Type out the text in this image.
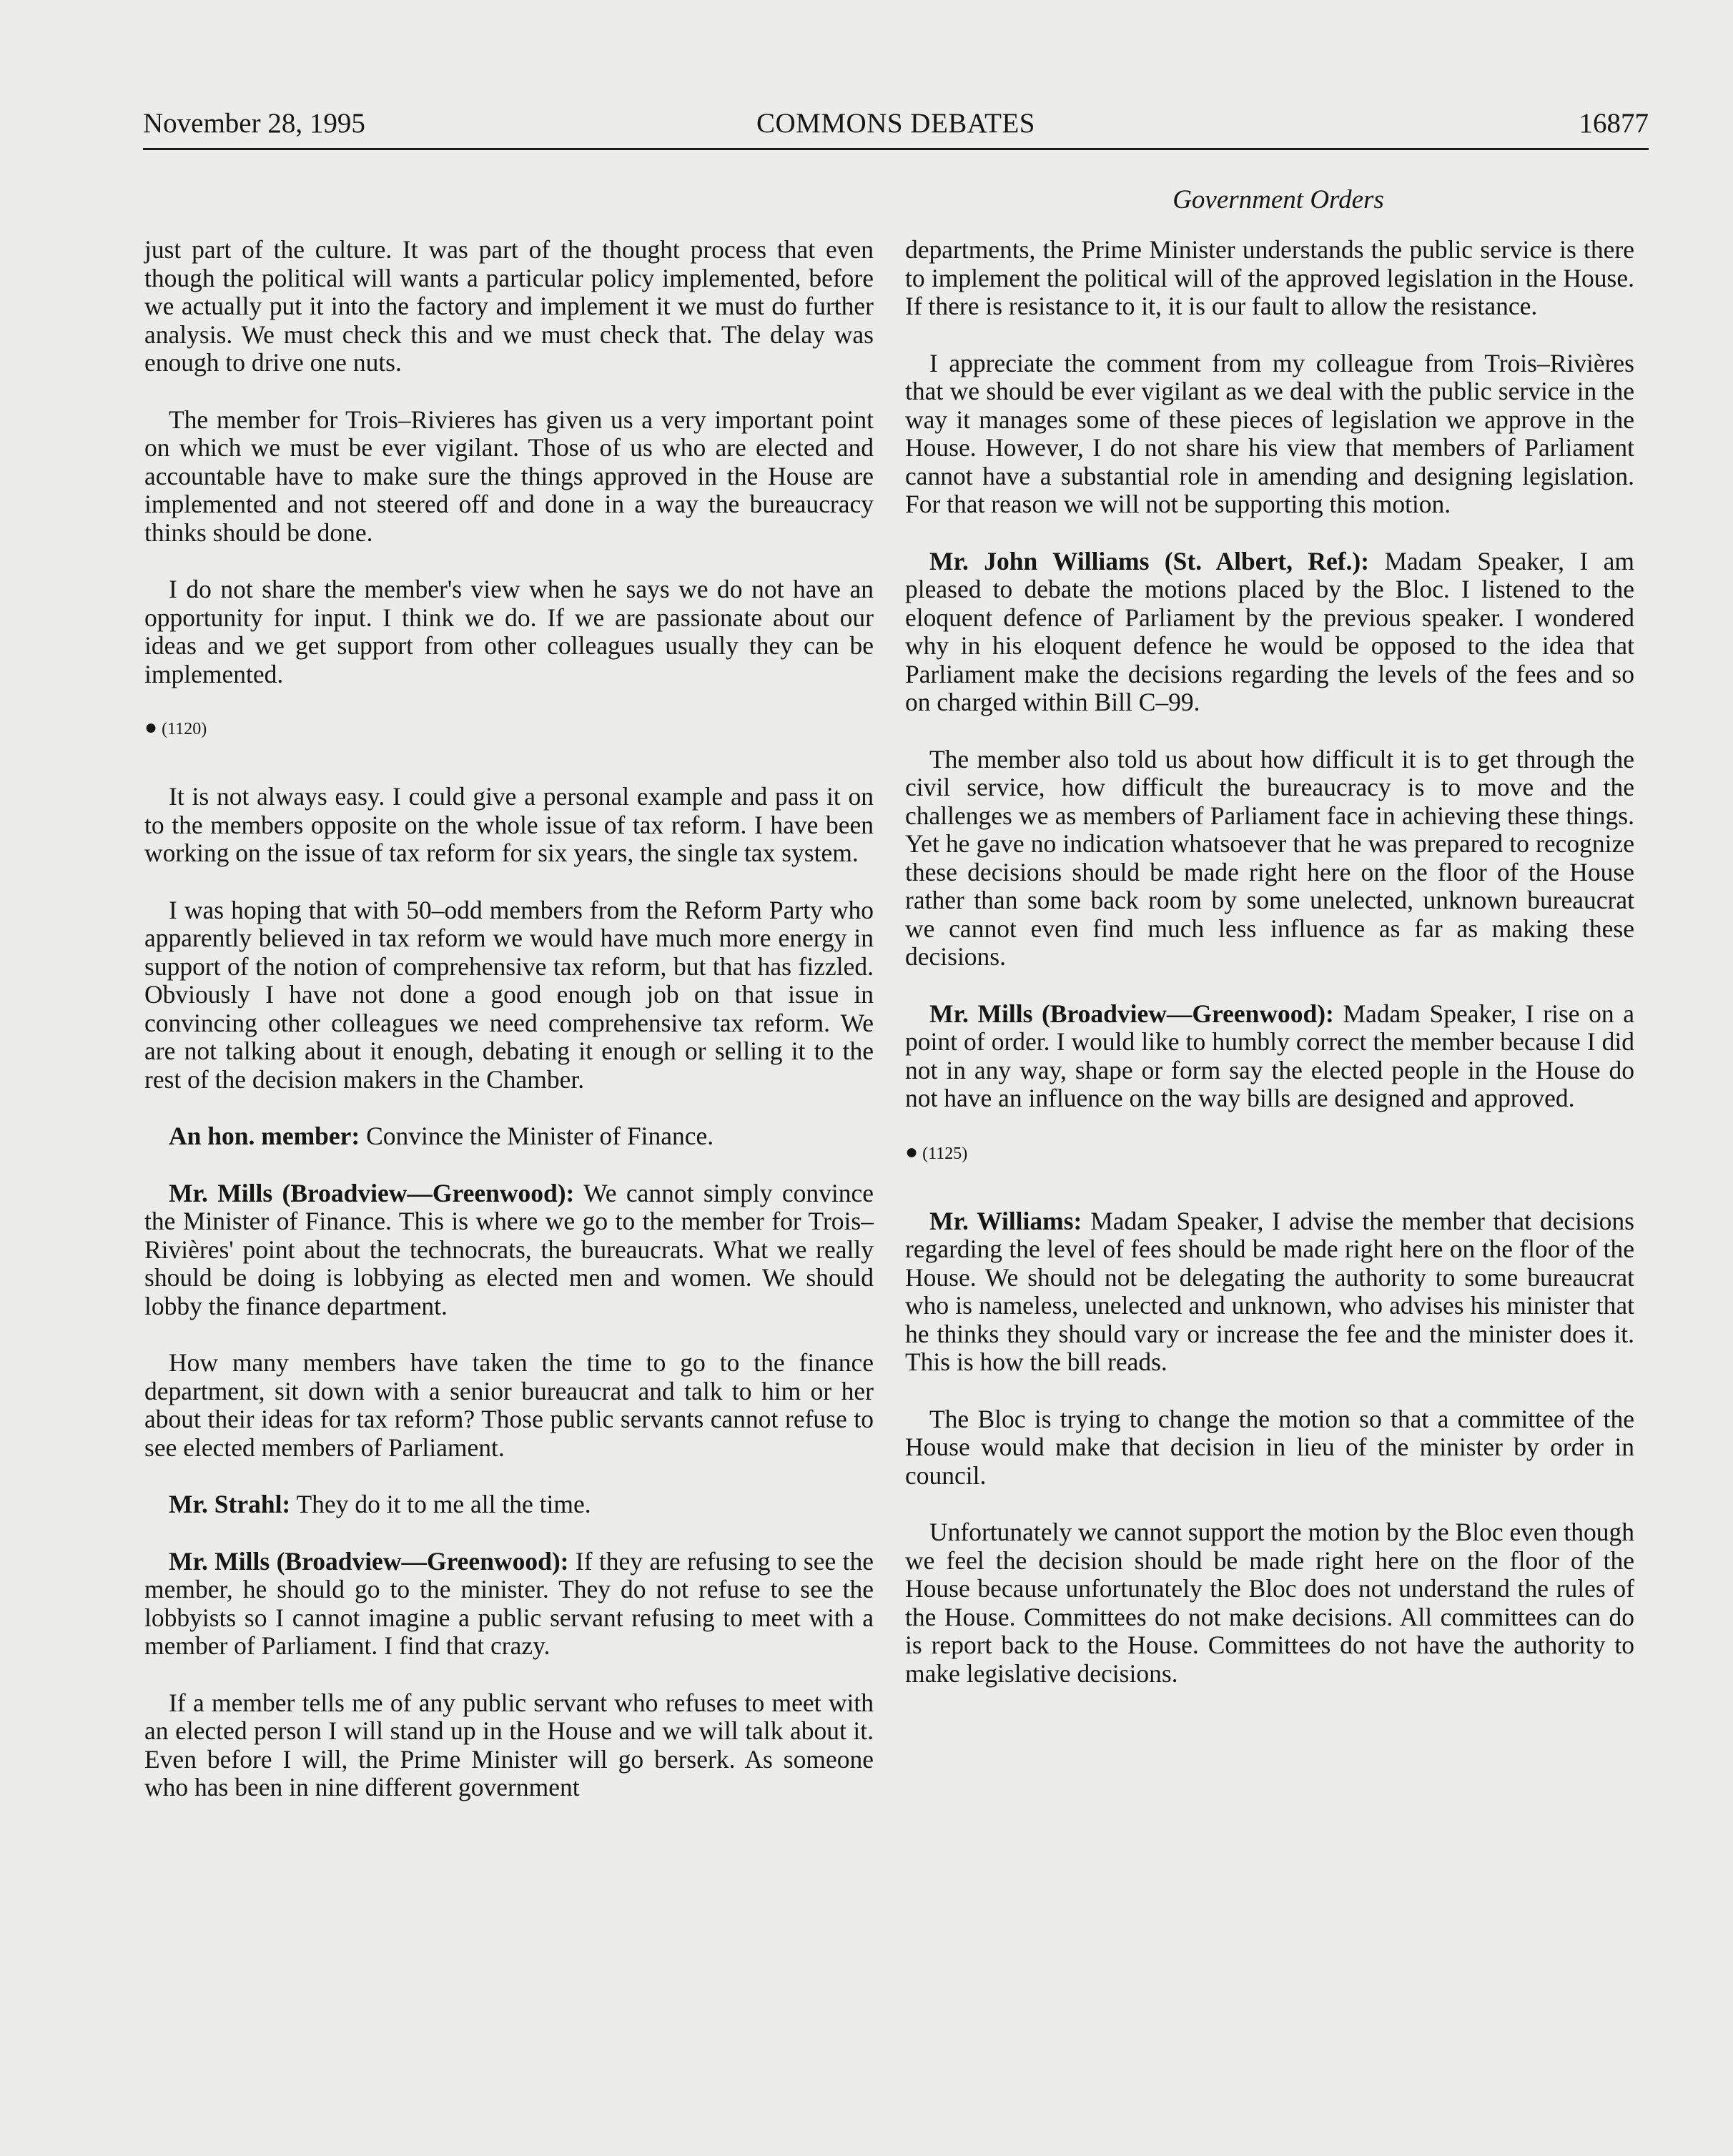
November 28, 1995	COMMONS DEBATES	16877
Government Orders

just part of the culture. It was part of the thought process that even though the political will wants a particular policy implemented, before we actually put it into the factory and implement it we must do further analysis. We must check this and we must check that. The delay was enough to drive one nuts.

The member for Trois–Rivieres has given us a very important point on which we must be ever vigilant. Those of us who are elected and accountable have to make sure the things approved in the House are implemented and not steered off and done in a way the bureaucracy thinks should be done.

I do not share the member's view when he says we do not have an opportunity for input. I think we do. If we are passionate about our ideas and we get support from other colleagues usually they can be implemented.

● (1120)

It is not always easy. I could give a personal example and pass it on to the members opposite on the whole issue of tax reform. I have been working on the issue of tax reform for six years, the single tax system.

I was hoping that with 50–odd members from the Reform Party who apparently believed in tax reform we would have much more energy in support of the notion of comprehensive tax reform, but that has fizzled. Obviously I have not done a good enough job on that issue in convincing other colleagues we need comprehensive tax reform. We are not talking about it enough, debating it enough or selling it to the rest of the decision makers in the Chamber.

An hon. member: Convince the Minister of Finance.

Mr. Mills (Broadview—Greenwood): We cannot simply convince the Minister of Finance. This is where we go to the member for Trois–Rivières' point about the technocrats, the bureaucrats. What we really should be doing is lobbying as elected men and women. We should lobby the finance department.

How many members have taken the time to go to the finance department, sit down with a senior bureaucrat and talk to him or her about their ideas for tax reform? Those public servants cannot refuse to see elected members of Parliament.

Mr. Strahl: They do it to me all the time.

Mr. Mills (Broadview—Greenwood): If they are refusing to see the member, he should go to the minister. They do not refuse to see the lobbyists so I cannot imagine a public servant refusing to meet with a member of Parliament. I find that crazy.

If a member tells me of any public servant who refuses to meet with an elected person I will stand up in the House and we will talk about it. Even before I will, the Prime Minister will go berserk. As someone who has been in nine different government

departments, the Prime Minister understands the public service is there to implement the political will of the approved legislation in the House. If there is resistance to it, it is our fault to allow the resistance.

I appreciate the comment from my colleague from Trois–Rivières that we should be ever vigilant as we deal with the public service in the way it manages some of these pieces of legislation we approve in the House. However, I do not share his view that members of Parliament cannot have a substantial role in amending and designing legislation. For that reason we will not be supporting this motion.

Mr. John Williams (St. Albert, Ref.): Madam Speaker, I am pleased to debate the motions placed by the Bloc. I listened to the eloquent defence of Parliament by the previous speaker. I wondered why in his eloquent defence he would be opposed to the idea that Parliament make the decisions regarding the levels of the fees and so on charged within Bill C–99.

The member also told us about how difficult it is to get through the civil service, how difficult the bureaucracy is to move and the challenges we as members of Parliament face in achieving these things. Yet he gave no indication whatsoever that he was prepared to recognize these decisions should be made right here on the floor of the House rather than some back room by some unelected, unknown bureaucrat we cannot even find much less influence as far as making these decisions.

Mr. Mills (Broadview—Greenwood): Madam Speaker, I rise on a point of order. I would like to humbly correct the member because I did not in any way, shape or form say the elected people in the House do not have an influence on the way bills are designed and approved.

● (1125)

Mr. Williams: Madam Speaker, I advise the member that decisions regarding the level of fees should be made right here on the floor of the House. We should not be delegating the authority to some bureaucrat who is nameless, unelected and unknown, who advises his minister that he thinks they should vary or increase the fee and the minister does it. This is how the bill reads.

The Bloc is trying to change the motion so that a committee of the House would make that decision in lieu of the minister by order in council.

Unfortunately we cannot support the motion by the Bloc even though we feel the decision should be made right here on the floor of the House because unfortunately the Bloc does not understand the rules of the House. Committees do not make decisions. All committees can do is report back to the House. Committees do not have the authority to make legislative decisions.
